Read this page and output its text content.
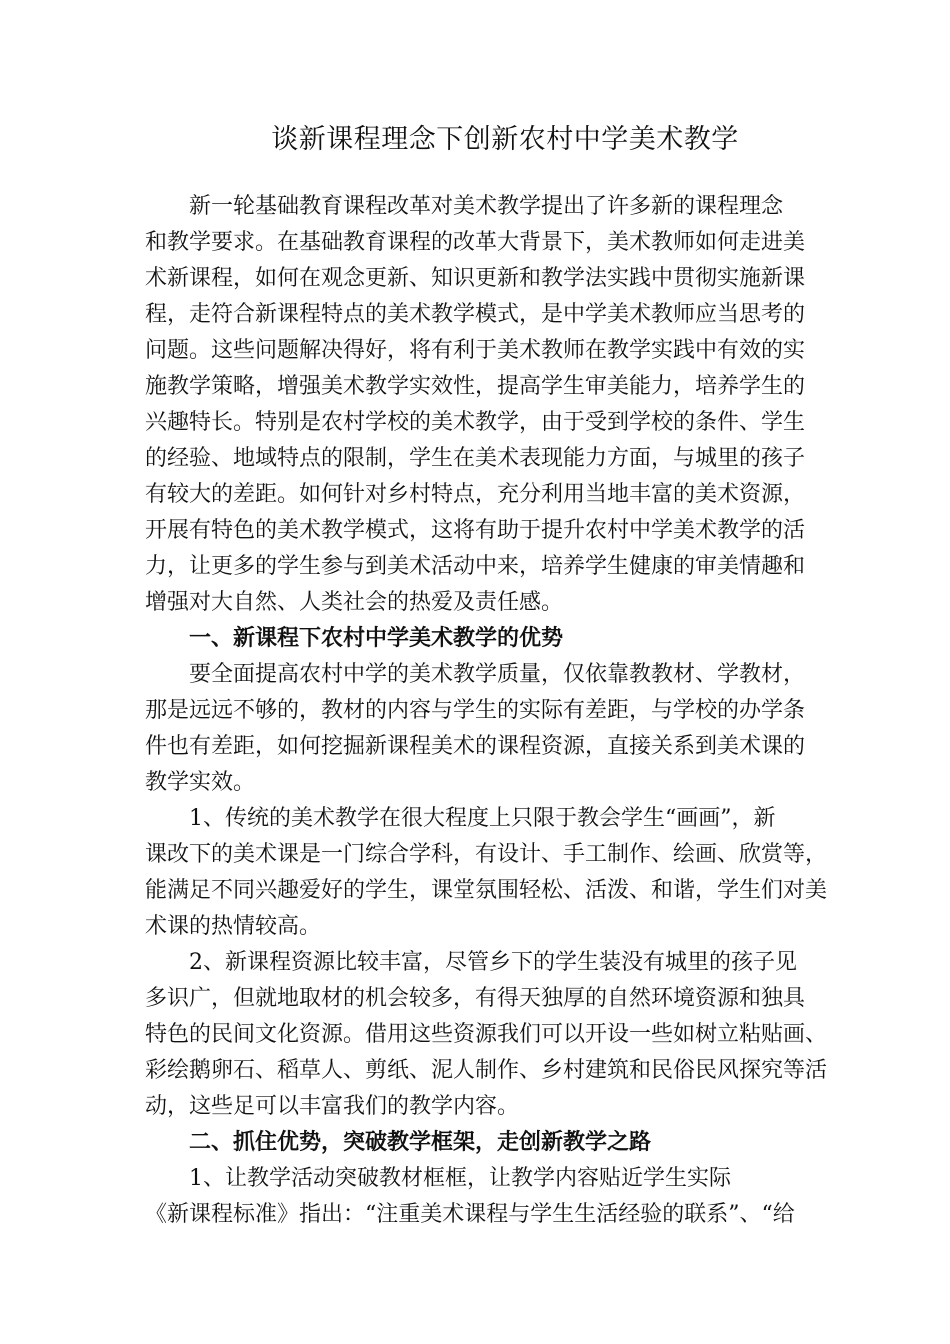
谈新课程理念下创新农村中学美术教学
新一轮基础教育课程改革对美术教学提出了许多新的课程理念
和教学要求。在基础教育课程的改革大背景下，美术教师如何走进美
术新课程，如何在观念更新、知识更新和教学法实践中贯彻实施新课
程，走符合新课程特点的美术教学模式，是中学美术教师应当思考的
问题。这些问题解决得好，将有利于美术教师在教学实践中有效的实
施教学策略，增强美术教学实效性，提高学生审美能力，培养学生的
兴趣特长。特别是农村学校的美术教学，由于受到学校的条件、学生
的经验、地域特点的限制，学生在美术表现能力方面，与城里的孩子
有较大的差距。如何针对乡村特点，充分利用当地丰富的美术资源，
开展有特色的美术教学模式，这将有助于提升农村中学美术教学的活
力，让更多的学生参与到美术活动中来，培养学生健康的审美情趣和
增强对大自然、人类社会的热爱及责任感。
一、新课程下农村中学美术教学的优势
要全面提高农村中学的美术教学质量，仅依靠教教材、学教材，
那是远远不够的，教材的内容与学生的实际有差距，与学校的办学条
件也有差距，如何挖掘新课程美术的课程资源，直接关系到美术课的
教学实效。
1、传统的美术教学在很大程度上只限于教会学生“画画”，新
课改下的美术课是一门综合学科，有设计、手工制作、绘画、欣赏等，
能满足不同兴趣爱好的学生，课堂氛围轻松、活泼、和谐，学生们对美
术课的热情较高。
2、新课程资源比较丰富，尽管乡下的学生装没有城里的孩子见
多识广，但就地取材的机会较多，有得天独厚的自然环境资源和独具
特色的民间文化资源。借用这些资源我们可以开设一些如树立粘贴画、
彩绘鹅卵石、稻草人、剪纸、泥人制作、乡村建筑和民俗民风探究等活
动，这些足可以丰富我们的教学内容。
二、抓住优势，突破教学框架，走创新教学之路
1、让教学活动突破教材框框，让教学内容贴近学生实际
《新课程标准》指出：“注重美术课程与学生生活经验的联系”、“给
